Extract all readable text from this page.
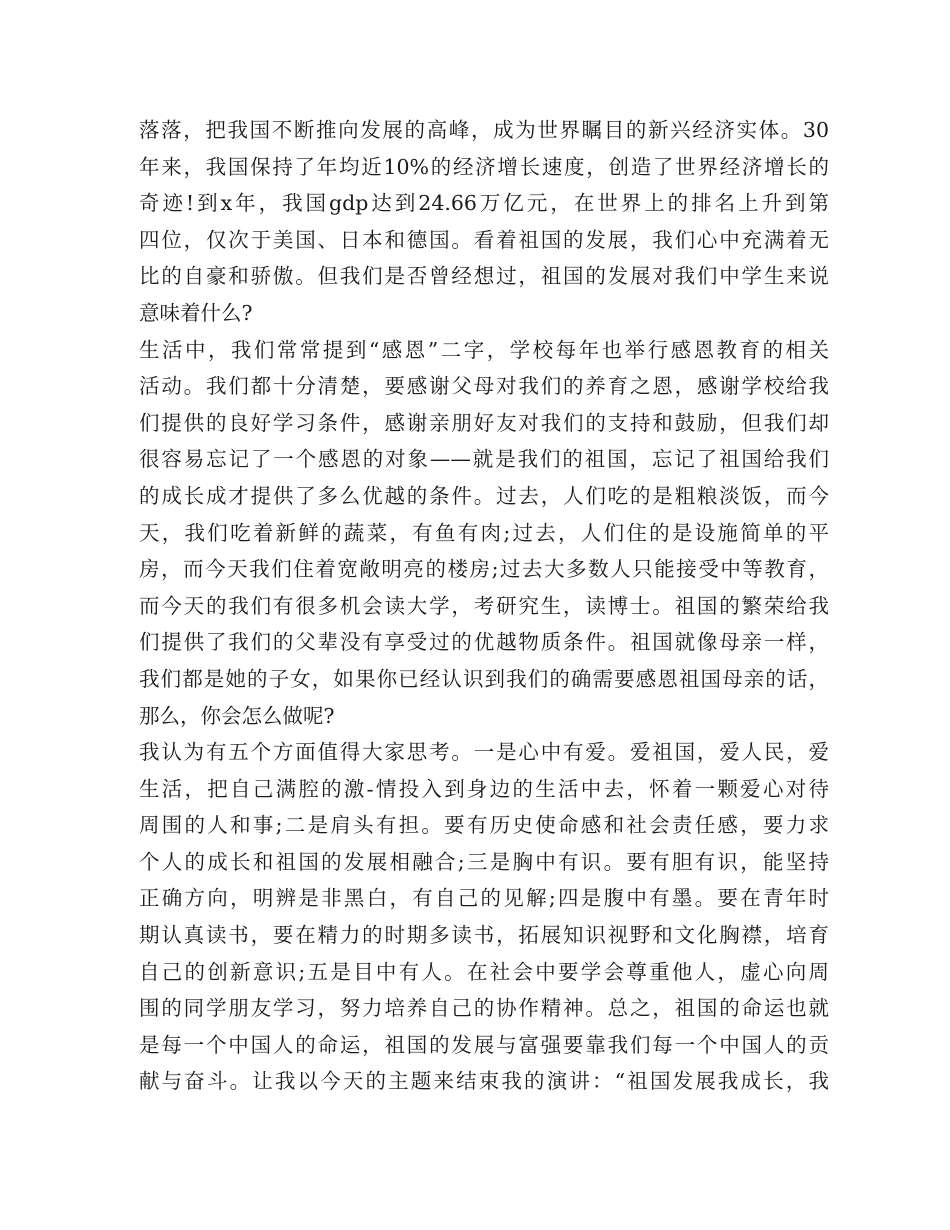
落落，把我国不断推向发展的高峰，成为世界瞩目的新兴经济实体。30
年来，我国保持了年均近10%的经济增长速度，创造了世界经济增长的
奇迹!到x年，我国gdp达到24.66万亿元，在世界上的排名上升到第
四位，仅次于美国、日本和德国。看着祖国的发展，我们心中充满着无
比的自豪和骄傲。但我们是否曾经想过，祖国的发展对我们中学生来说
意味着什么?
生活中，我们常常提到“感恩”二字，学校每年也举行感恩教育的相关
活动。我们都十分清楚，要感谢父母对我们的养育之恩，感谢学校给我
们提供的良好学习条件，感谢亲朋好友对我们的支持和鼓励，但我们却
很容易忘记了一个感恩的对象——就是我们的祖国，忘记了祖国给我们
的成长成才提供了多么优越的条件。过去，人们吃的是粗粮淡饭，而今
天，我们吃着新鲜的蔬菜，有鱼有肉;过去，人们住的是设施简单的平
房，而今天我们住着宽敞明亮的楼房;过去大多数人只能接受中等教育，
而今天的我们有很多机会读大学，考研究生，读博士。祖国的繁荣给我
们提供了我们的父辈没有享受过的优越物质条件。祖国就像母亲一样，
我们都是她的子女，如果你已经认识到我们的确需要感恩祖国母亲的话，
那么，你会怎么做呢?
我认为有五个方面值得大家思考。一是心中有爱。爱祖国，爱人民，爱
生活，把自己满腔的激-情投入到身边的生活中去，怀着一颗爱心对待
周围的人和事;二是肩头有担。要有历史使命感和社会责任感，要力求
个人的成长和祖国的发展相融合;三是胸中有识。要有胆有识，能坚持
正确方向，明辨是非黑白，有自己的见解;四是腹中有墨。要在青年时
期认真读书，要在精力的时期多读书，拓展知识视野和文化胸襟，培育
自己的创新意识;五是目中有人。在社会中要学会尊重他人，虚心向周
围的同学朋友学习，努力培养自己的协作精神。总之，祖国的命运也就
是每一个中国人的命运，祖国的发展与富强要靠我们每一个中国人的贡
献与奋斗。让我以今天的主题来结束我的演讲：“祖国发展我成长，我
